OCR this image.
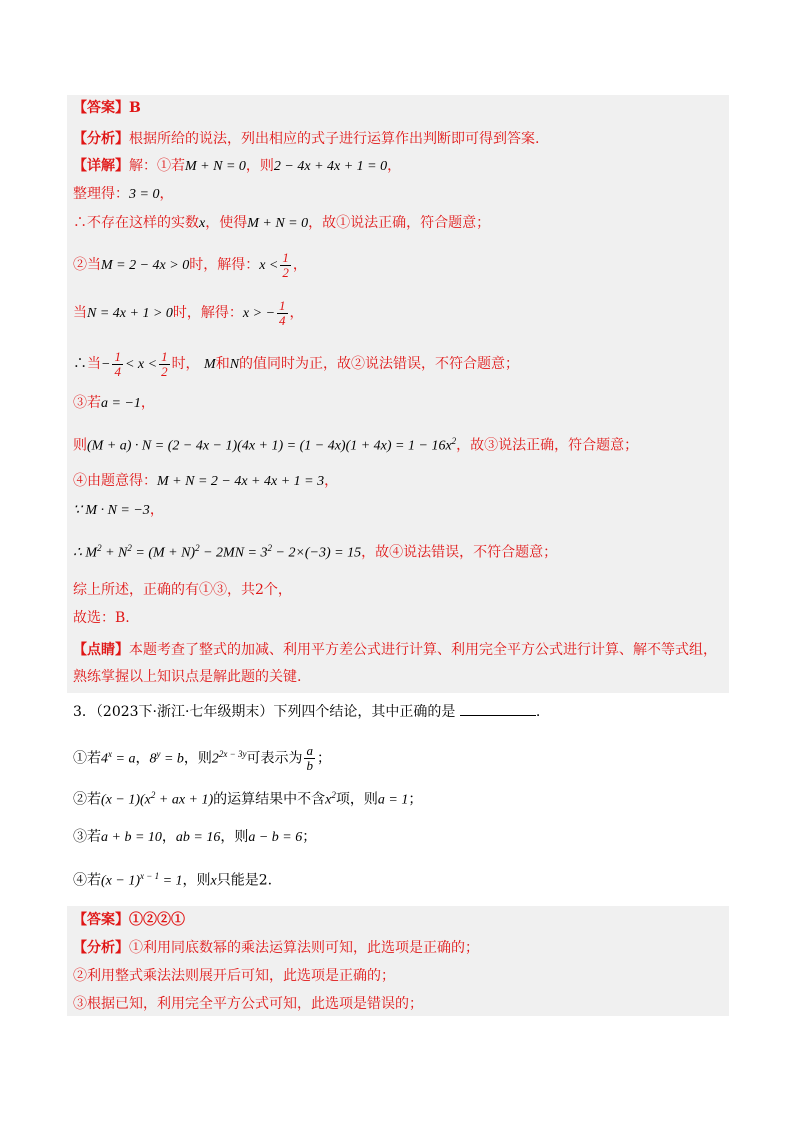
【答案】B
【分析】根据所给的说法，列出相应的式子进行运算作出判断即可得到答案.
【详解】解：①若M + N = 0，则2 − 4x + 4x + 1 = 0，
整理得：3 = 0，
∴不存在这样的实数x，使得M + N = 0，故①说法正确，符合题意；
②当M = 2 − 4x > 0时，解得：$x < \frac{1}{2}$ ，
当N = 4x + 1 > 0时，解得：x > − $\frac{1}{4}$ ，
∴当− $\frac{1}{4} < x < \frac{1}{2}$ 时， M和N的值同时为正，故②说法错误，不符合题意；
③若a = −1，
则$(M + a) \cdot N = (2 - 4x - 1)(4x + 1) = (1 - 4x)(1 + 4x) = 1 - 16x^2$，故③说法正确，符合题意；
④由题意得：M + N = 2 − 4x + 4x + 1 = 3，
∵ M · N = −3，
∴ $M^2 + N^2 = (M + N)^2 - 2MN = 3^2 - 2\times(-3) = 15$，故④说法错误，不符合题意；
综上所述，正确的有①③，共2个，
故选：B.
【点睛】本题考查了整式的加减、利用平方差公式进行计算、利用完全平方公式进行计算、解不等式组，
熟练掌握以上知识点是解此题的关键.
3．（2023下·浙江·七年级期末）下列四个结论，其中正确的是	.
①若$4^x = a$，$8^y = b$，则$2^{2x - 3y}$可表示为 $\frac{a}{b}$ ；
②若$(x - 1)(x^2$ + ax + 1)的运算结果中不含$x^2$项，则a = 1；
③若a + b = 10，ab = 16，则a − b = 6；
④若$(x - 1)^{x - 1} = 1$，则x只能是2.
【答案】①②②①
【分析】①利用同底数幂的乘法运算法则可知，此选项是正确的；
②利用整式乘法法则展开后可知，此选项是正确的；
③根据已知，利用完全平方公式可知，此选项是错误的；
